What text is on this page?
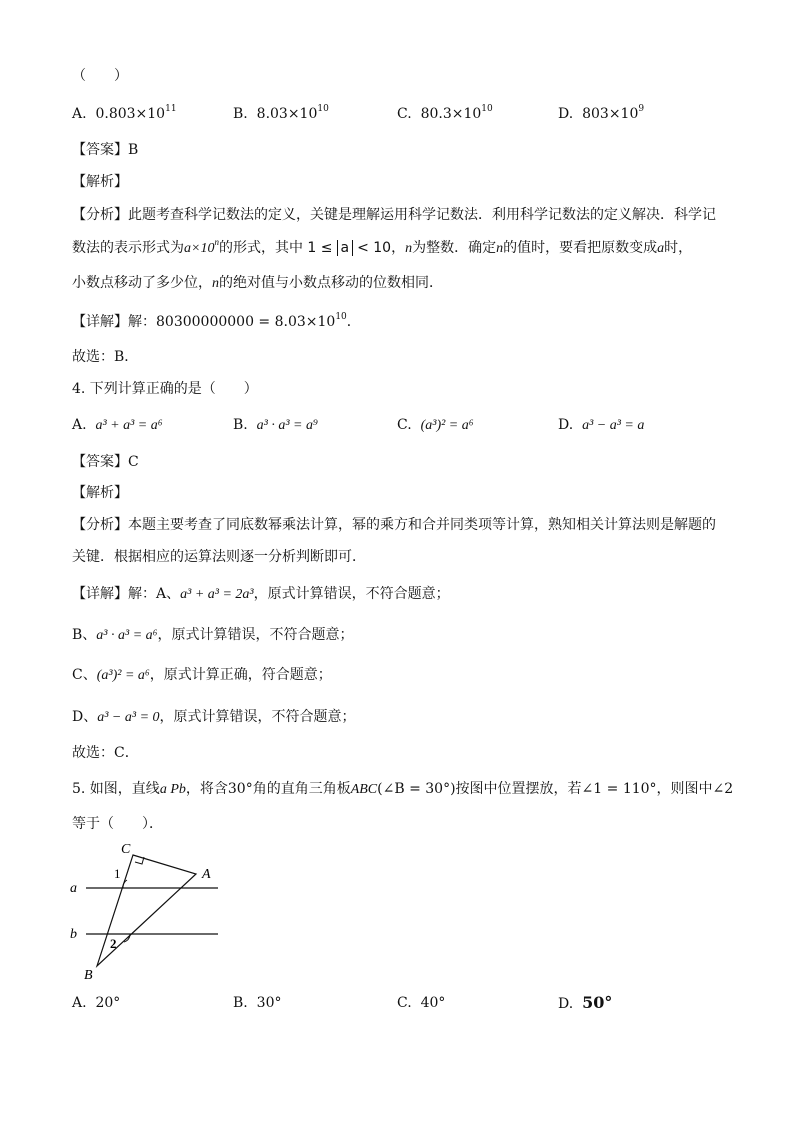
（　　）
A. $0.803\times 10^{11}$	B. $8.03\times 10^{10}$	C. $80.3\times 10^{10}$	D. $803\times 10^9$
【答案】B
【解析】
【分析】此题考查科学记数法的定义，关键是理解运用科学记数法．利用科学记数法的定义解决．科学记
数法的表示形式为$a\times 10^n$的形式，其中 1 ≤ a < 10，n为整数．确定n的值时，要看把原数变成a时，
小数点移动了多少位，n的绝对值与小数点移动的位数相同．
【详解】解：$80300000000 = 8.03\times 10^{10}$．
故选：B．
4. 下列计算正确的是（　　）
A. a³ + a³ = a⁶	B. a³ · a³ = a⁹	C. (a³)² = a⁶	D. a³ − a³ = a
【答案】C
【解析】
【分析】本题主要考查了同底数幂乘法计算，幂的乘方和合并同类项等计算，熟知相关计算法则是解题的
关键．根据相应的运算法则逐一分析判断即可．
【详解】解：A、a³ + a³ = 2a³，原式计算错误，不符合题意；
B、a³ · a³ = a⁶，原式计算错误，不符合题意；
C、(a³)² = a⁶，原式计算正确，符合题意；
D、a³ − a³ = 0，原式计算错误，不符合题意；
故选：C．
5. 如图，直线a Pb，将含30°角的直角三角板ABC(∠B = 30°)按图中位置摆放，若∠1 = 110°，则图中∠2
等于（　　）．
C
A
B
a
b
1
2
A. 20°	B. 30°	C. 40°	D. 50°
